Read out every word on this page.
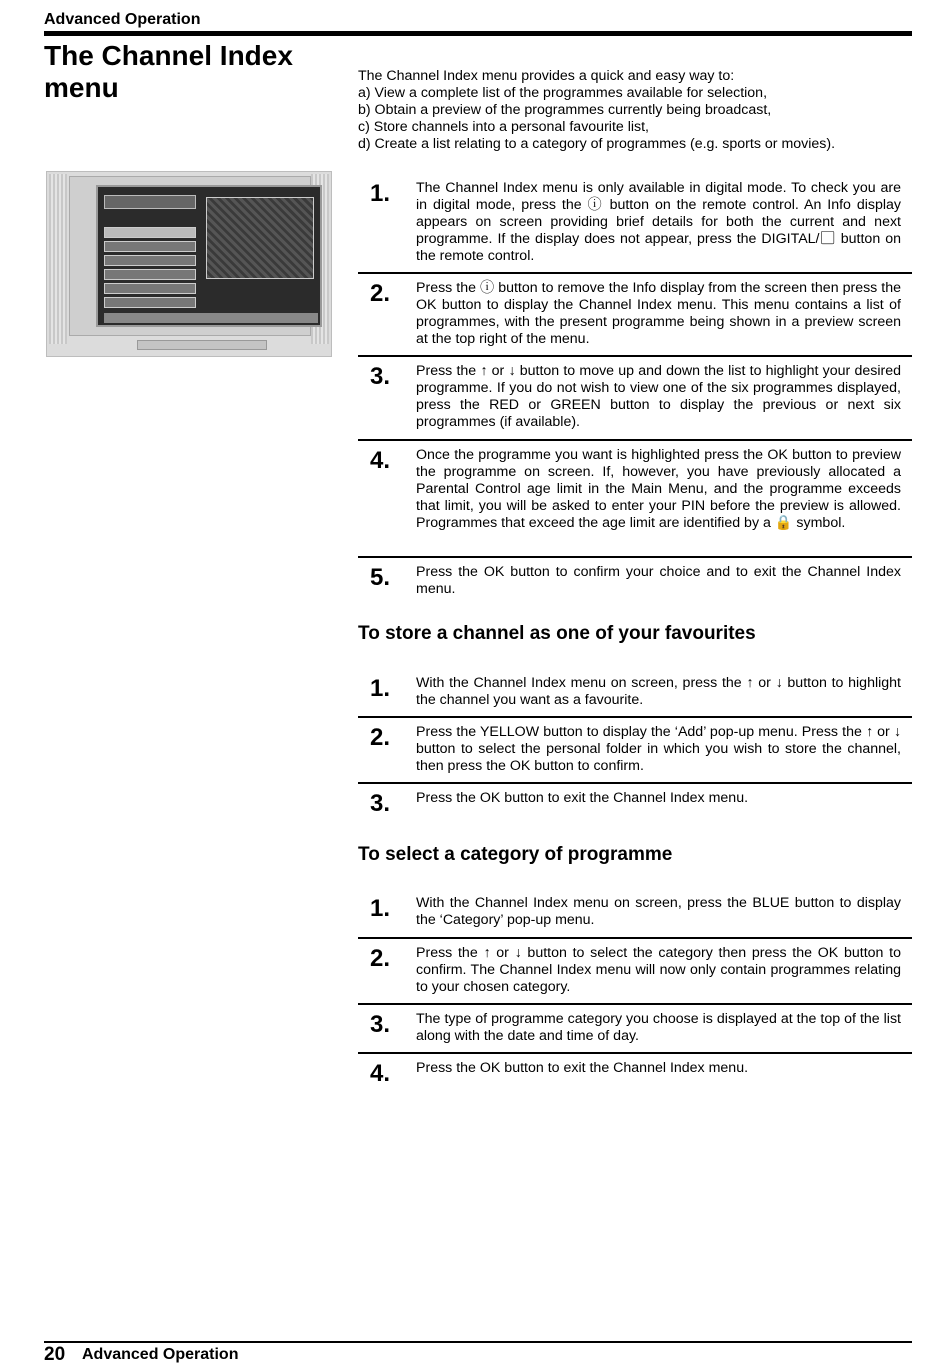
Advanced Operation
The Channel Index menu	The Channel Index menu provides a quick and easy way to:
a) View a complete list of the programmes available for selection,
b) Obtain a preview of the programmes currently being broadcast,
c) Store channels into a personal favourite list,
d) Create a list relating to a category of programmes (e.g. sports or movies).
1. The Channel Index menu is only available in digital mode. To check you are in digital mode, press the ⓘ button on the remote control. An Info display appears on screen providing brief details for both the current and next programme. If the display does not appear, press the DIGITAL/▢ button on the remote control.
2. Press the ⓘ button to remove the Info display from the screen then press the OK button to display the Channel Index menu. This menu contains a list of programmes, with the present programme being shown in a preview screen at the top right of the menu.
3. Press the ↑ or ↓ button to move up and down the list to highlight your desired programme. If you do not wish to view one of the six programmes displayed, press the RED or GREEN button to display the previous or next six programmes (if available).
4. Once the programme you want is highlighted press the OK button to preview the programme on screen. If, however, you have previously allocated a Parental Control age limit in the Main Menu, and the programme exceeds that limit, you will be asked to enter your PIN before the preview is allowed. Programmes that exceed the age limit are identified by a 🔒 symbol.
5. Press the OK button to confirm your choice and to exit the Channel Index menu.
To store a channel as one of your favourites
1. With the Channel Index menu on screen, press the ↑ or ↓ button to highlight the channel you want as a favourite.
2. Press the YELLOW button to display the ‘Add’ pop-up menu. Press the ↑ or ↓ button to select the personal folder in which you wish to store the channel, then press the OK button to confirm.
3. Press the OK button to exit the Channel Index menu.
To select a category of programme
1. With the Channel Index menu on screen, press the BLUE button to display the ‘Category’ pop-up menu.
2. Press the ↑ or ↓ button to select the category then press the OK button to confirm. The Channel Index menu will now only contain programmes relating to your chosen category.
3. The type of programme category you choose is displayed at the top of the list along with the date and time of day.
4. Press the OK button to exit the Channel Index menu.
20 Advanced Operation
